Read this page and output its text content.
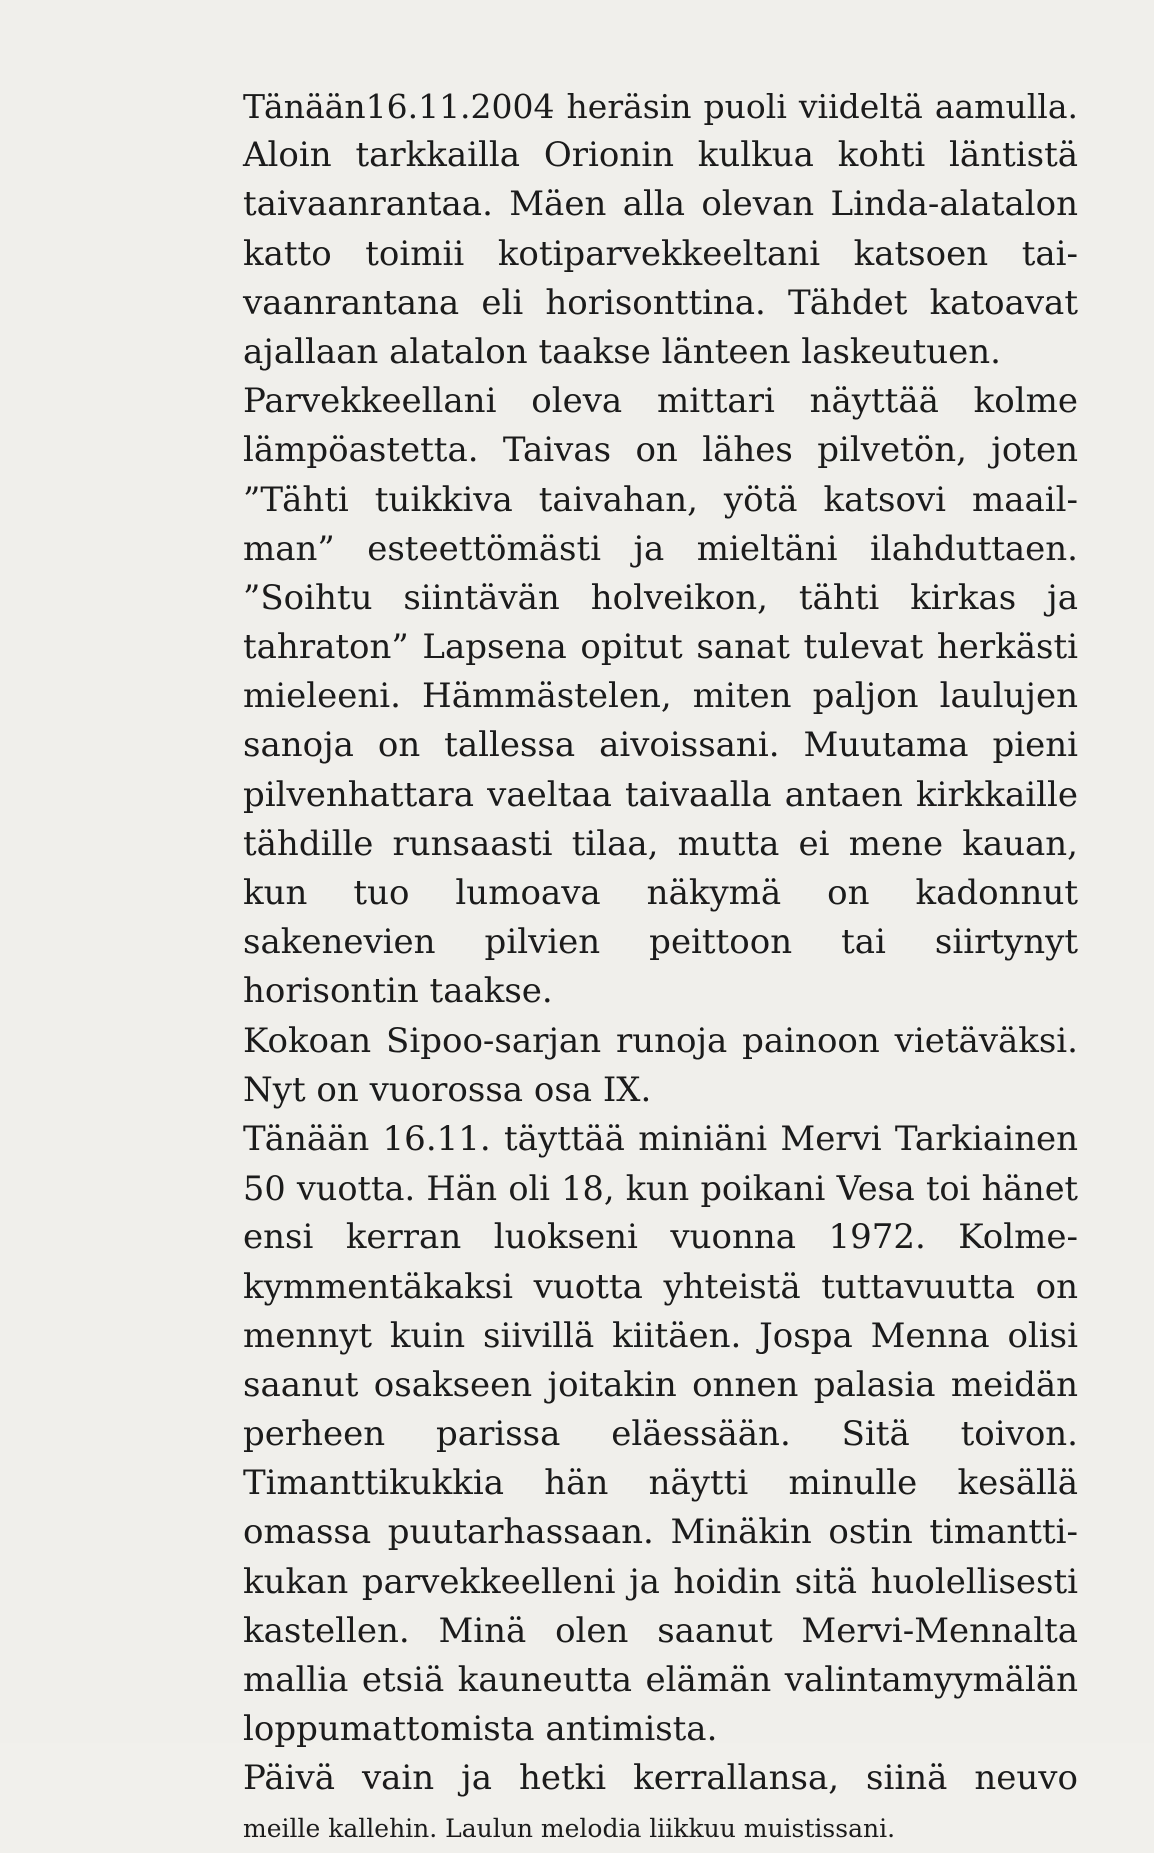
Tänään16.11.2004 heräsin puoli viideltä aamulla.
Aloin tarkkailla Orionin kulkua kohti läntistä
taivaanrantaa. Mäen alla olevan Linda-alatalon
katto toimii kotiparvekkeeltani katsoen tai-
vaanrantana eli horisonttina. Tähdet katoavat
ajallaan alatalon taakse länteen laskeutuen.
Parvekkeellani oleva mittari näyttää kolme
lämpöastetta. Taivas on lähes pilvetön, joten
”Tähti tuikkiva taivahan, yötä katsovi maail-
man” esteettömästi ja mieltäni ilahduttaen.
”Soihtu siintävän holveikon, tähti kirkas ja
tahraton” Lapsena opitut sanat tulevat herkästi
mieleeni. Hämmästelen, miten paljon laulujen
sanoja on tallessa aivoissani. Muutama pieni
pilvenhattara vaeltaa taivaalla antaen kirkkaille
tähdille runsaasti tilaa, mutta ei mene kauan,
kun tuo lumoava näkymä on kadonnut
sakenevien pilvien peittoon tai siirtynyt
horisontin taakse.
Kokoan Sipoo-sarjan runoja painoon vietäväksi.
Nyt on vuorossa osa IX.
Tänään 16.11. täyttää miniäni Mervi Tarkiainen
50 vuotta. Hän oli 18, kun poikani Vesa toi hänet
ensi kerran luokseni vuonna 1972. Kolme-
kymmentäkaksi vuotta yhteistä tuttavuutta on
mennyt kuin siivillä kiitäen. Jospa Menna olisi
saanut osakseen joitakin onnen palasia meidän
perheen parissa eläessään. Sitä toivon.
Timanttikukkia hän näytti minulle kesällä
omassa puutarhassaan. Minäkin ostin timantti-
kukan parvekkeelleni ja hoidin sitä huolellisesti
kastellen. Minä olen saanut Mervi-Mennalta
mallia etsiä kauneutta elämän valintamyymälän
loppumattomista antimista.
Päivä vain ja hetki kerrallansa, siinä neuvo
meille kallehin. Laulun melodia liikkuu muistissani.
